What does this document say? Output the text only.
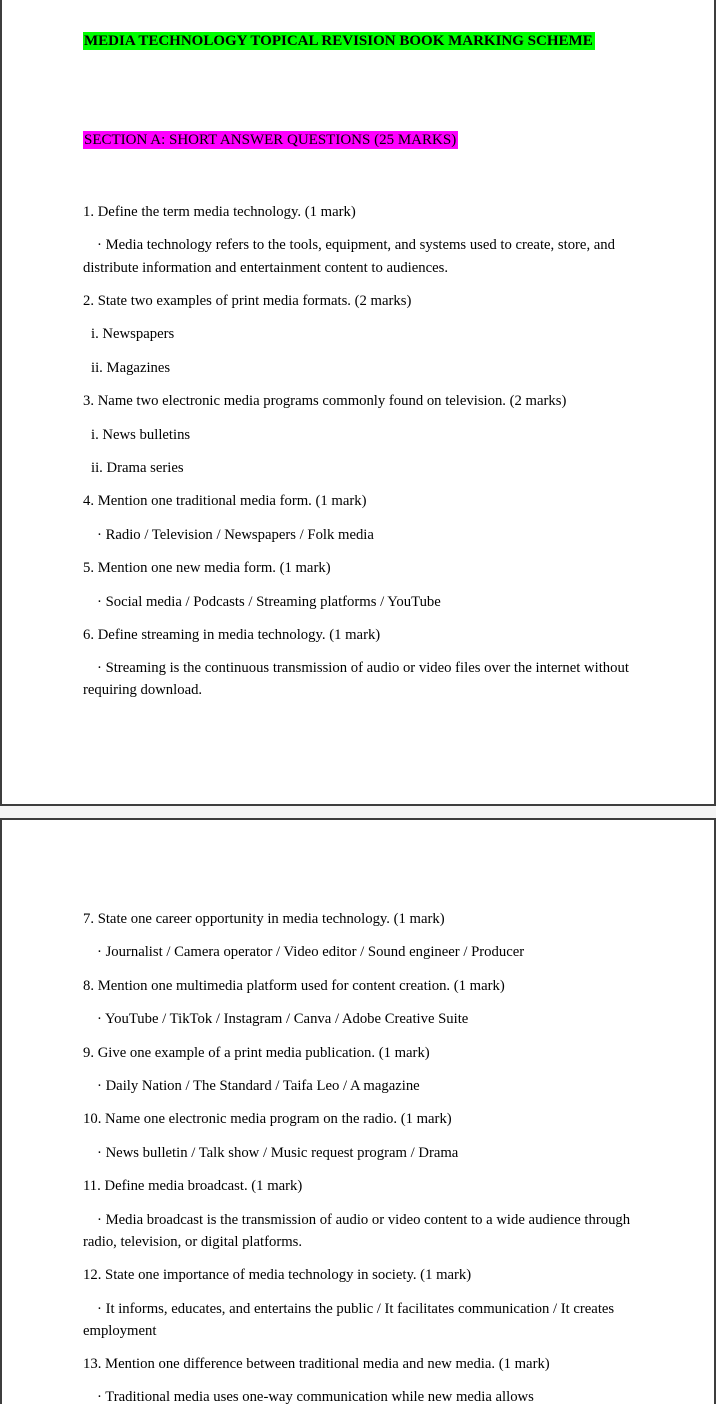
MEDIA TECHNOLOGY TOPICAL REVISION BOOK MARKING SCHEME

SECTION A: SHORT ANSWER QUESTIONS (25 MARKS)

1. Define the term media technology. (1 mark)

· Media technology refers to the tools, equipment, and systems used to create, store, and distribute information and entertainment content to audiences.

2. State two examples of print media formats. (2 marks)

i. Newspapers

ii. Magazines

3. Name two electronic media programs commonly found on television. (2 marks)

i. News bulletins

ii. Drama series

4. Mention one traditional media form. (1 mark)

· Radio / Television / Newspapers / Folk media

5. Mention one new media form. (1 mark)

· Social media / Podcasts / Streaming platforms / YouTube

6. Define streaming in media technology. (1 mark)

· Streaming is the continuous transmission of audio or video files over the internet without requiring download.

7. State one career opportunity in media technology. (1 mark)

· Journalist / Camera operator / Video editor / Sound engineer / Producer

8. Mention one multimedia platform used for content creation. (1 mark)

· YouTube / TikTok / Instagram / Canva / Adobe Creative Suite

9. Give one example of a print media publication. (1 mark)

· Daily Nation / The Standard / Taifa Leo / A magazine

10. Name one electronic media program on the radio. (1 mark)

· News bulletin / Talk show / Music request program / Drama

11. Define media broadcast. (1 mark)

· Media broadcast is the transmission of audio or video content to a wide audience through radio, television, or digital platforms.

12. State one importance of media technology in society. (1 mark)

· It informs, educates, and entertains the public / It facilitates communication / It creates employment

13. Mention one difference between traditional media and new media. (1 mark)

· Traditional media uses one-way communication while new media allows
